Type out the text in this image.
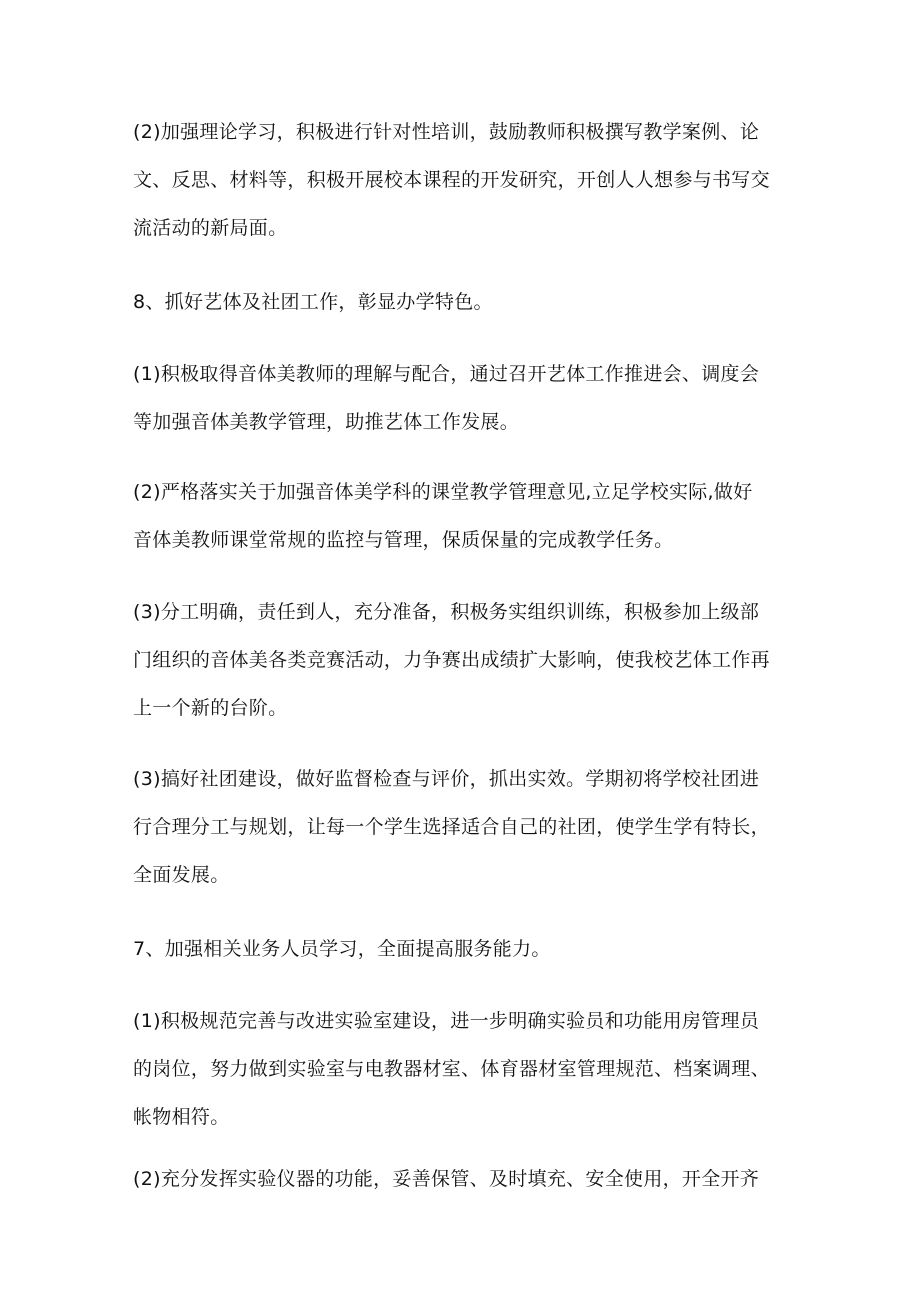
(2)加强理论学习，积极进行针对性培训，鼓励教师积极撰写教学案例、论
文、反思、材料等，积极开展校本课程的开发研究，开创人人想参与书写交
流活动的新局面。

8、抓好艺体及社团工作，彰显办学特色。

(1)积极取得音体美教师的理解与配合，通过召开艺体工作推进会、调度会
等加强音体美教学管理，助推艺体工作发展。

(2)严格落实关于加强音体美学科的课堂教学管理意见,立足学校实际,做好
音体美教师课堂常规的监控与管理，保质保量的完成教学任务。

(3)分工明确，责任到人，充分准备，积极务实组织训练，积极参加上级部
门组织的音体美各类竞赛活动，力争赛出成绩扩大影响，使我校艺体工作再
上一个新的台阶。

(3)搞好社团建设，做好监督检查与评价，抓出实效。学期初将学校社团进
行合理分工与规划，让每一个学生选择适合自己的社团，使学生学有特长，
全面发展。

7、加强相关业务人员学习，全面提高服务能力。

(1)积极规范完善与改进实验室建设，进一步明确实验员和功能用房管理员
的岗位，努力做到实验室与电教器材室、体育器材室管理规范、档案调理、
帐物相符。

(2)充分发挥实验仪器的功能，妥善保管、及时填充、安全使用，开全开齐
